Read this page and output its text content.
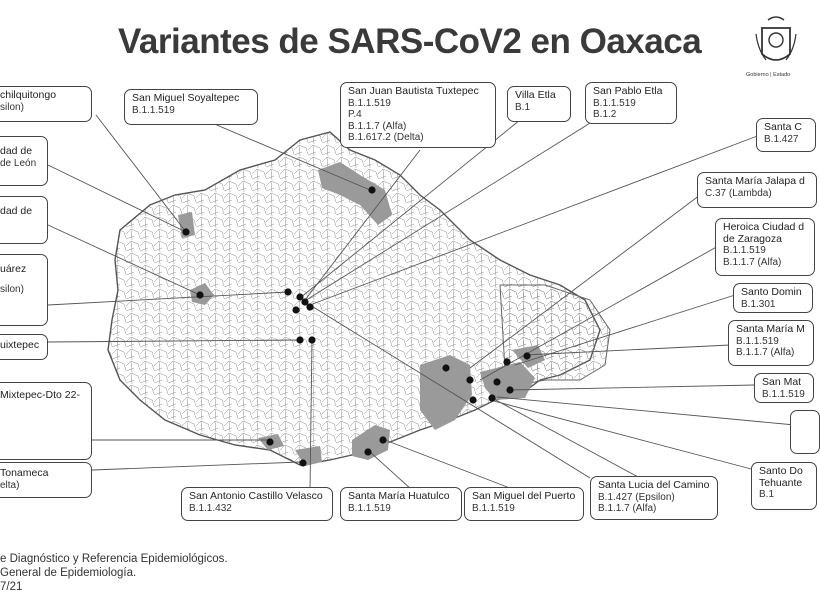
Variantes de SARS-CoV2 en Oaxaca
Gobierno | Estado
chilquitongo
silon)
San Miguel Soyaltepec
B.1.1.519
San Juan Bautista Tuxtepec
B.1.1.519
P.4
B.1.1.7 (Alfa)
B.1.617.2 (Delta)
Villa Etla
B.1
San Pablo Etla
B.1.1.519
B.1.2
Santa C
B.1.427
dad de
de León
dad de
Santa María Jalapa d
C.37 (Lambda)
Heroica Ciudad d
de Zaragoza
B.1.1.519
B.1.1.7 (Alfa)
uárez
silon)	Santo Domin
B.1.301
uixtepec
Santa María M
B.1.1.519
B.1.1.7 (Alfa)
San Mat
B.1.1.519
Mixtepec-Dto 22-
Santo Do
Tehuante
B.1
Tonameca
elta)
San Antonio Castillo Velasco
B.1.1.432
Santa María Huatulco
B.1.1.519
San Miguel del Puerto
B.1.1.519
Santa Lucia del Camino
B.1.427 (Epsilon)
B.1.1.7 (Alfa)
e Diagnóstico y Referencia Epidemiológicos.
General de Epidemiología.
7/21
